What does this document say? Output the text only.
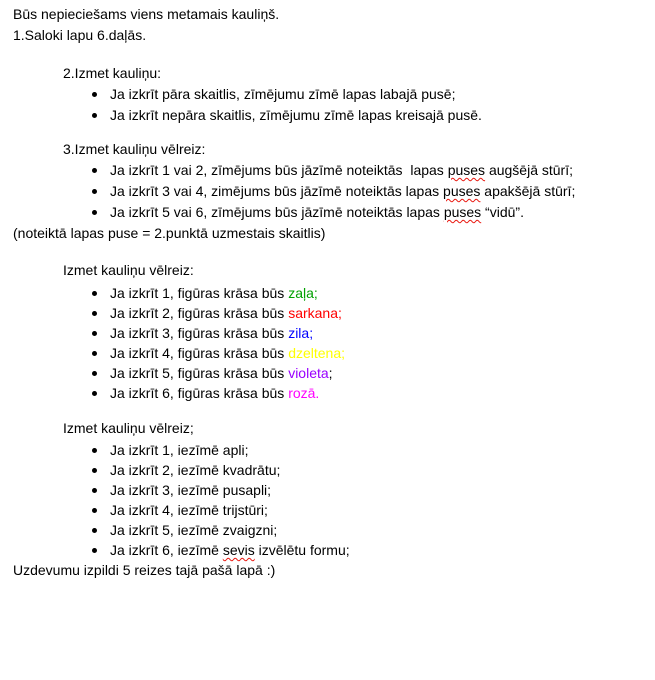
Būs nepieciešams viens metamais kauliņš.

1.Saloki lapu 6.daļās.

2.Izmet kauliņu:

Ja izkrīt pāra skaitlis, zīmējumu zīmē lapas labajā pusē;
Ja izkrīt nepāra skaitlis, zīmējumu zīmē lapas kreisajā pusē.

3.Izmet kauliņu vēlreiz:

Ja izkrīt 1 vai 2, zīmējums būs jāzīmē noteiktās  lapas puses augšējā stūrī;
Ja izkrīt 3 vai 4, zimējums būs jāzīmē noteiktās lapas puses apakšējā stūrī;
Ja izkrīt 5 vai 6, zīmējums būs jāzīmē noteiktās lapas puses “vidū”.

(noteiktā lapas puse = 2.punktā uzmestais skaitlis)

Izmet kauliņu vēlreiz:

Ja izkrīt 1, figūras krāsa būs zaļa;
Ja izkrīt 2, figūras krāsa būs sarkana;
Ja izkrīt 3, figūras krāsa būs zila;
Ja izkrīt 4, figūras krāsa būs dzeltena;
Ja izkrīt 5, figūras krāsa būs violeta;
Ja izkrīt 6, figūras krāsa būs rozā.

Izmet kauliņu vēlreiz;

Ja izkrīt 1, iezīmē apli;
Ja izkrīt 2, iezīmē kvadrātu;
Ja izkrīt 3, iezīmē pusapli;
Ja izkrīt 4, iezīmē trijstūri;
Ja izkrīt 5, iezīmē zvaigzni;
Ja izkrīt 6, iezīmē sevis izvēlētu formu;

Uzdevumu izpildi 5 reizes tajā pašā lapā :)
